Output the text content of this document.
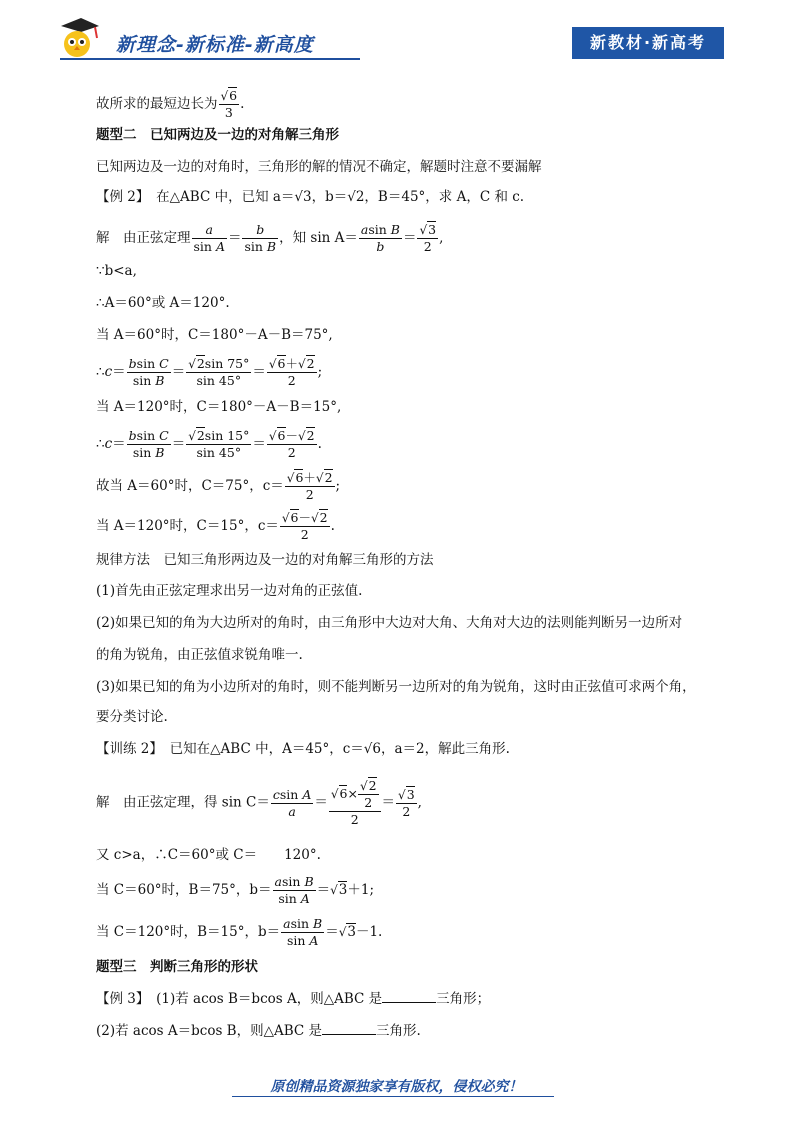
新理念-新标准-新高度	新教材·新高考
故所求的最短边长为 $\frac{√6}{3}$ .
题型二　已知两边及一边的对角解三角形
已知两边及一边的对角时，三角形的解的情况不确定，解题时注意不要漏解
【例 2】　 在△ABC 中，已知 a＝√3，b＝√2，B＝45°，求 A，C 和 c.
解　由正弦定理 $\frac{a}{\text{sin A}} = \frac{b}{\text{sin B}}$ ，知 $\sin A= \frac{\text{asin B}}{b} = \frac{√3}{2}$ ,
∵b<a,
∴A＝60°或 A＝120°.
当 A＝60°时，C＝180°－A－B＝75°,
∴c＝ $\frac{\text{bsin C}}{\text{sin B}} = \frac{√2\sin 75^\circ}{\sin 45^\circ} = \frac{√6+√2}{2}$ ;
当 A＝120°时，C＝180°－A－B＝15°,
∴c＝ $\frac{\text{bsin C}}{\text{sin B}} = \frac{√2\sin 15^\circ}{\sin 45^\circ} = \frac{√6-√2}{2}$ .
故当 A＝60°时，C＝75°，$c= \frac{√6+√2}{2}$ ;
当 A＝120°时，C＝15°，$c= \frac{√6-√2}{2}$ .
规律方法　已知三角形两边及一边的对角解三角形的方法
(1)首先由正弦定理求出另一边对角的正弦值.
(2)如果已知的角为大边所对的角时，由三角形中大边对大角、大角对大边的法则能判断另一边所对
的角为锐角，由正弦值求锐角唯一.
(3)如果已知的角为小边所对的角时，则不能判断另一边所对的角为锐角，这时由正弦值可求两个角，
要分类讨论.
【训练 2】　 已知在△ABC 中，A＝45°，c＝√6，a＝2，解此三角形.
解　由正弦定理，得 $\sin C= \frac{\text{csin A}}{a} = \frac{√6\times \frac{√2}{2}}{2} = \frac{√3}{2}$ ,
又 c>a，∴C＝60°或 C＝　　120°.
当 C＝60°时，B＝75°，$b= \frac{\text{asin B}}{\text{sin A}} =√3+1$;
当 C＝120°时，B＝15°，$b= \frac{\text{asin B}}{\text{sin A}} =√3-1$.
题型三　判断三角形的形状
【例 3】　 (1)若 acos B＝bcos A，则△ABC 是	三角形；
(2)若 acos A＝bcos B，则△ABC 是	三角形.
原创精品资源独家享有版权，侵权必究！
